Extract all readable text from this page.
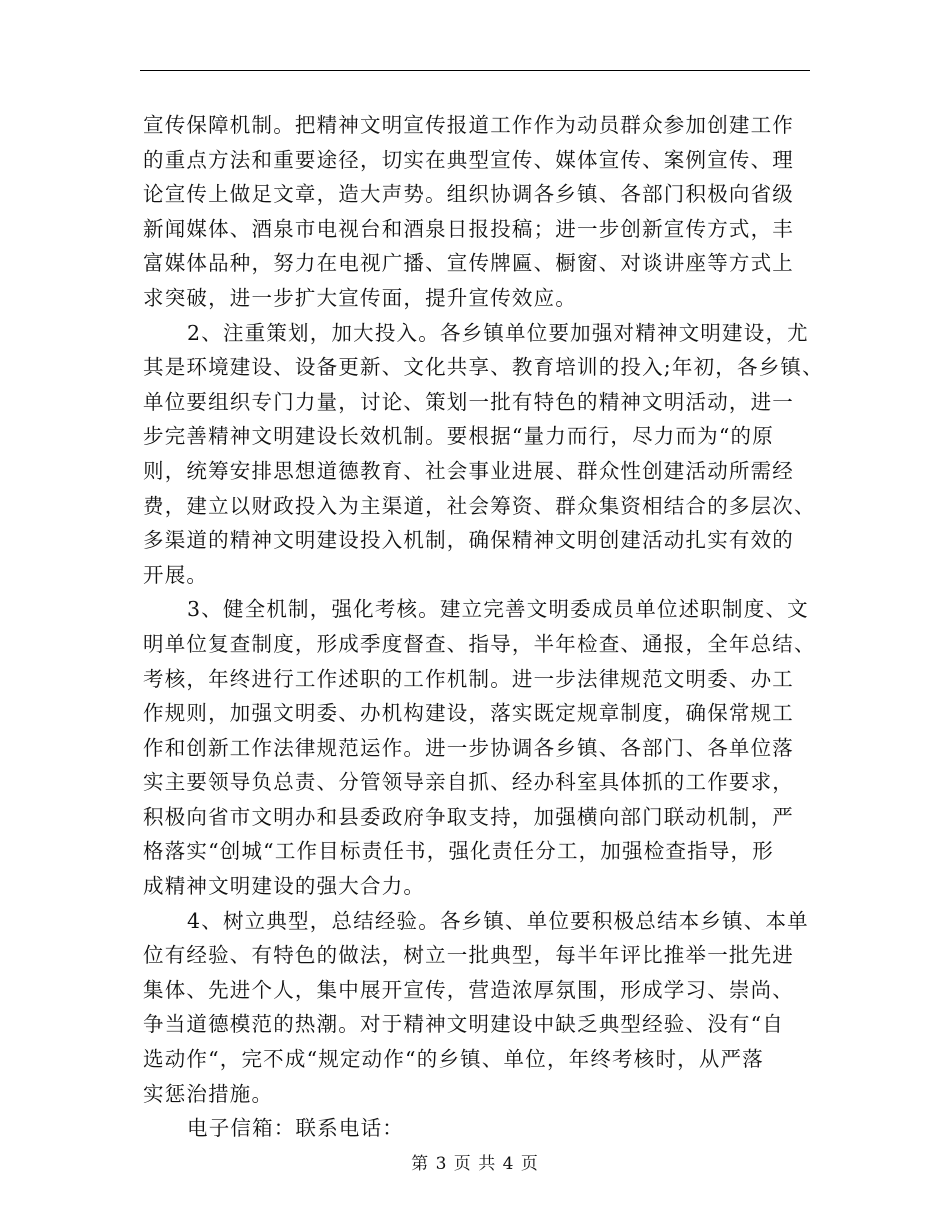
宣传保障机制。把精神文明宣传报道工作作为动员群众参加创建工作
的重点方法和重要途径，切实在典型宣传、媒体宣传、案例宣传、理
论宣传上做足文章，造大声势。组织协调各乡镇、各部门积极向省级
新闻媒体、酒泉市电视台和酒泉日报投稿；进一步创新宣传方式，丰
富媒体品种，努力在电视广播、宣传牌匾、橱窗、对谈讲座等方式上
求突破，进一步扩大宣传面，提升宣传效应。
2、注重策划，加大投入。各乡镇单位要加强对精神文明建设，尤
其是环境建设、设备更新、文化共享、教育培训的投入;年初，各乡镇、
单位要组织专门力量，讨论、策划一批有特色的精神文明活动，进一
步完善精神文明建设长效机制。要根据“量力而行，尽力而为“的原
则，统筹安排思想道德教育、社会事业进展、群众性创建活动所需经
费，建立以财政投入为主渠道，社会筹资、群众集资相结合的多层次、
多渠道的精神文明建设投入机制，确保精神文明创建活动扎实有效的
开展。
3、健全机制，强化考核。建立完善文明委成员单位述职制度、文
明单位复查制度，形成季度督查、指导，半年检查、通报，全年总结、
考核，年终进行工作述职的工作机制。进一步法律规范文明委、办工
作规则，加强文明委、办机构建设，落实既定规章制度，确保常规工
作和创新工作法律规范运作。进一步协调各乡镇、各部门、各单位落
实主要领导负总责、分管领导亲自抓、经办科室具体抓的工作要求，
积极向省市文明办和县委政府争取支持，加强横向部门联动机制，严
格落实“创城“工作目标责任书，强化责任分工，加强检查指导，形
成精神文明建设的强大合力。
4、树立典型，总结经验。各乡镇、单位要积极总结本乡镇、本单
位有经验、有特色的做法，树立一批典型，每半年评比推举一批先进
集体、先进个人，集中展开宣传，营造浓厚氛围，形成学习、崇尚、
争当道德模范的热潮。对于精神文明建设中缺乏典型经验、没有“自
选动作“，完不成“规定动作“的乡镇、单位，年终考核时，从严落
实惩治措施。
电子信箱：联系电话：
第 3 页 共 4 页
